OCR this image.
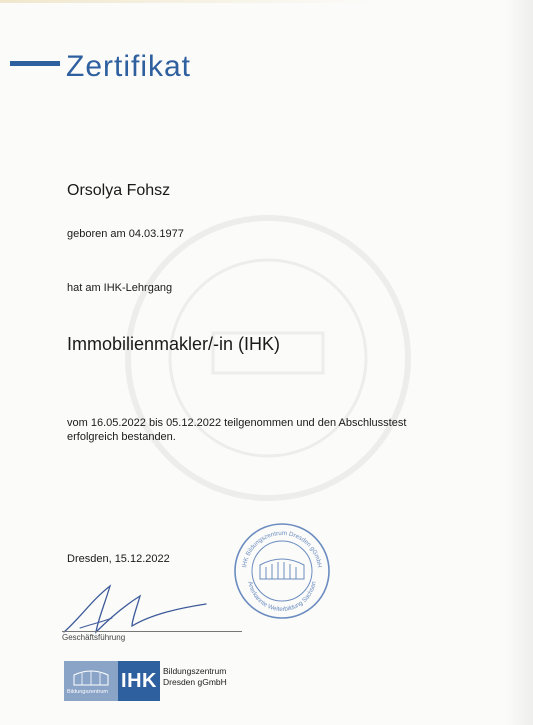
Zertifikat
Orsolya Fohsz
geboren am 04.03.1977
hat am IHK-Lehrgang
Immobilienmakler/-in (IHK)
vom 16.05.2022 bis 05.12.2022 teilgenommen und den Abschlusstest erfolgreich bestanden.
Dresden, 15.12.2022
Geschäftsführung
IHK Bildungszentrum Dresden gGmbH
Anerkannte Weiterbildung Sachsen
Bildungszentrum IHK Bildungszentrum
Dresden gGmbH
